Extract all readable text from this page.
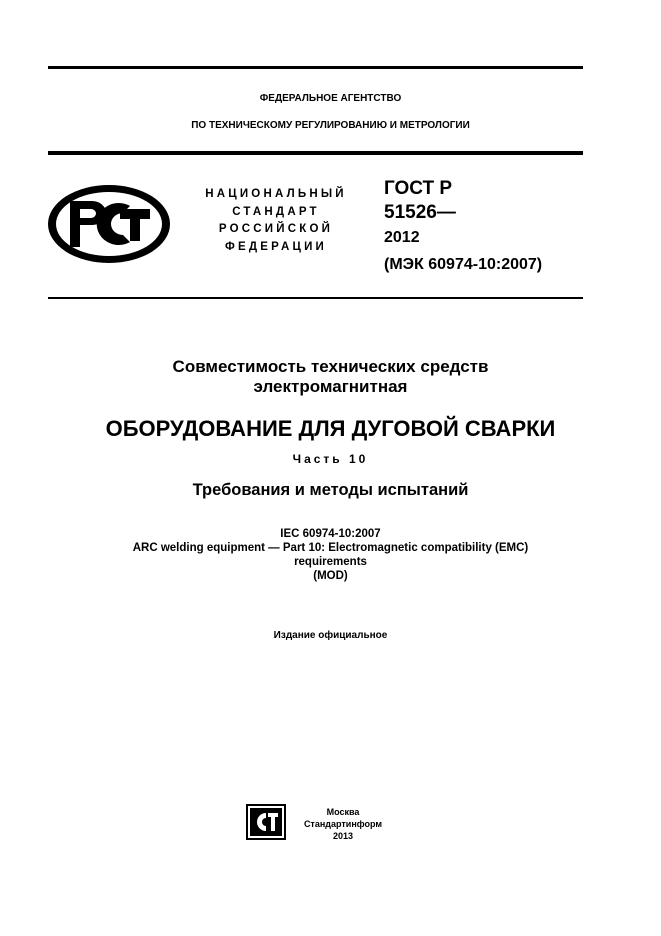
ФЕДЕРАЛЬНОЕ АГЕНТСТВО
ПО ТЕХНИЧЕСКОМУ РЕГУЛИРОВАНИЮ И МЕТРОЛОГИИ
НАЦИОНАЛЬНЫЙ
СТАНДАРТ
РОССИЙСКОЙ
ФЕДЕРАЦИИ
ГОСТ Р
51526—
2012
(МЭК 60974-10:2007)
Совместимость технических средств
электромагнитная
ОБОРУДОВАНИЕ ДЛЯ ДУГОВОЙ СВАРКИ
Часть 10
Требования и методы испытаний
IEC 60974-10:2007
ARC welding equipment — Part 10: Electromagnetic compatibility (EMC)
requirements
(MOD)
Издание официальное
Москва
Стандартинформ
2013
